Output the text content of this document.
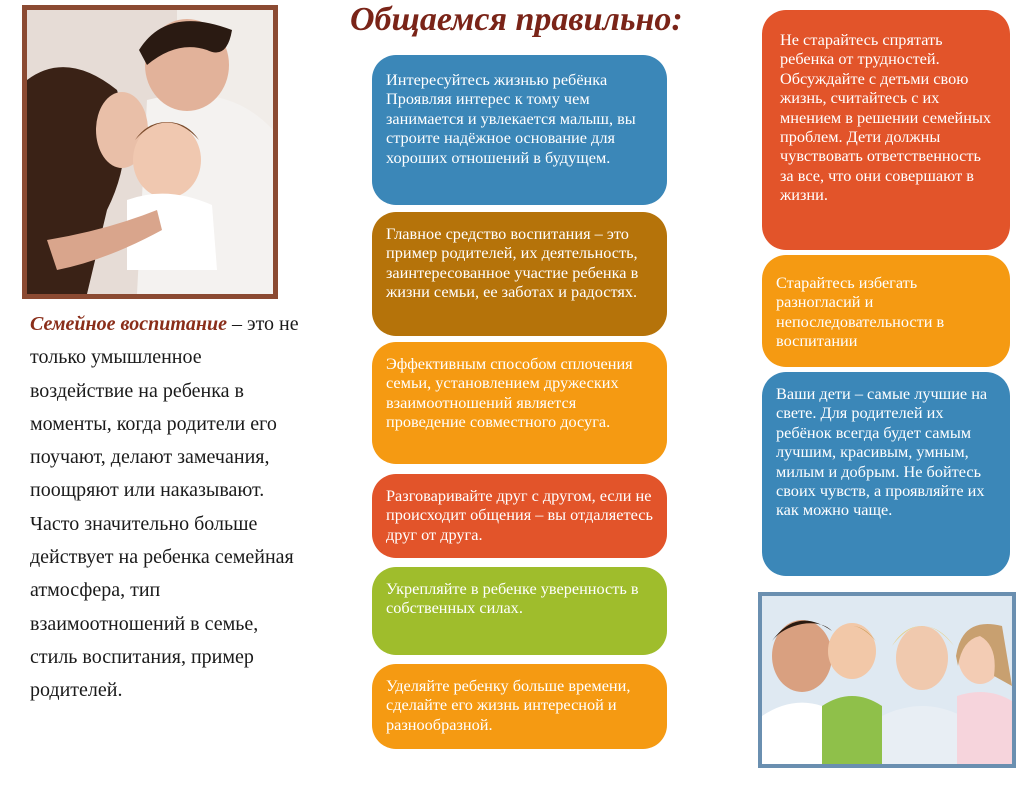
Семейное воспитание – это не только умышленное воздействие на ребенка в моменты, когда родители его поучают, делают замечания, поощряют или наказывают. Часто значительно больше действует на ребенка семейная атмосфера, тип взаимоотношений в семье, стиль воспитания, пример родителей.
Общаемся правильно:
Интересуйтесь жизнью ребёнка Проявляя интерес к тому чем занимается и увлекается малыш, вы строите надёжное основание для хороших отношений в будущем.
Главное средство воспитания – это пример родителей, их деятельность, заинтересованное участие ребенка в жизни семьи, ее заботах и радостях.
Эффективным способом сплочения семьи, установлением дружеских взаимоотношений является проведение совместного досуга.
Разговаривайте друг с другом, если не происходит общения – вы отдаляетесь друг от друга.
Укрепляйте в ребенке уверенность в собственных силах.
Уделяйте ребенку больше времени, сделайте его жизнь интересной и разнообразной.
Не старайтесь спрятать ребенка от трудностей. Обсуждайте с детьми свою жизнь, считайтесь с их мнением в решении семейных проблем. Дети должны чувствовать ответственность за все, что они совершают в жизни.
Старайтесь избегать разногласий и непоследовательности в воспитании
Ваши дети – самые лучшие на свете. Для родителей их ребёнок всегда будет самым лучшим, красивым, умным, милым и добрым. Не бойтесь своих чувств, а проявляйте их как можно чаще.
